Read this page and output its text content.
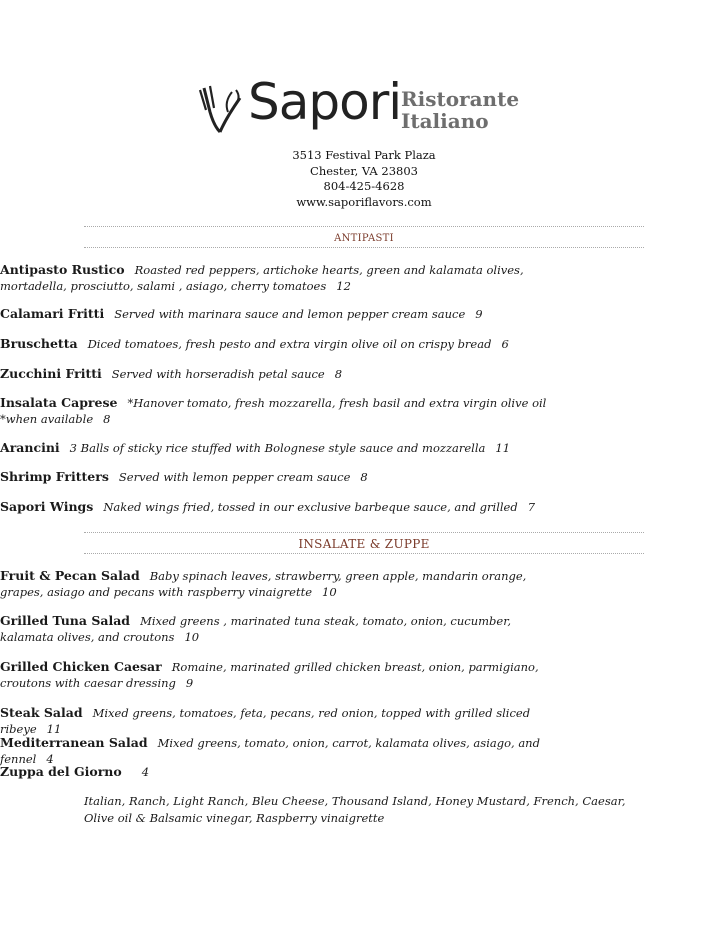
Sapori Ristorante
Italiano
3513 Festival Park Plaza
Chester, VA 23803
804-425-4628
www.saporiflavors.com
ANTIPASTI
Antipasto Rustico Roasted red peppers, artichoke hearts, green and kalamata olives, mortadella, prosciutto, salami , asiago, cherry tomatoes 12
Calamari Fritti Served with marinara sauce and lemon pepper cream sauce 9
Bruschetta Diced tomatoes, fresh pesto and extra virgin olive oil on crispy bread 6
Zucchini Fritti Served with horseradish petal sauce 8
Insalata Caprese *Hanover tomato, fresh mozzarella, fresh basil and extra virgin olive oil *when available 8
Arancini 3 Balls of sticky rice stuffed with Bolognese style sauce and mozzarella 11
Shrimp Fritters Served with lemon pepper cream sauce 8
Sapori Wings Naked wings fried, tossed in our exclusive barbeque sauce, and grilled 7
INSALATE & ZUPPE
Fruit & Pecan Salad Baby spinach leaves, strawberry, green apple, mandarin orange, grapes, asiago and pecans with raspberry vinaigrette 10
Grilled Tuna Salad Mixed greens , marinated tuna steak, tomato, onion, cucumber, kalamata olives, and croutons 10
Grilled Chicken Caesar Romaine, marinated grilled chicken breast, onion, parmigiano, croutons with caesar dressing 9
Steak Salad Mixed greens, tomatoes, feta, pecans, red onion, topped with grilled sliced ribeye 11
Mediterranean Salad Mixed greens, tomato, onion, carrot, kalamata olives, asiago, and fennel 4
Zuppa del Giorno 4
Italian, Ranch, Light Ranch, Bleu Cheese, Thousand Island, Honey Mustard, French, Caesar, Olive oil & Balsamic vinegar, Raspberry vinaigrette
